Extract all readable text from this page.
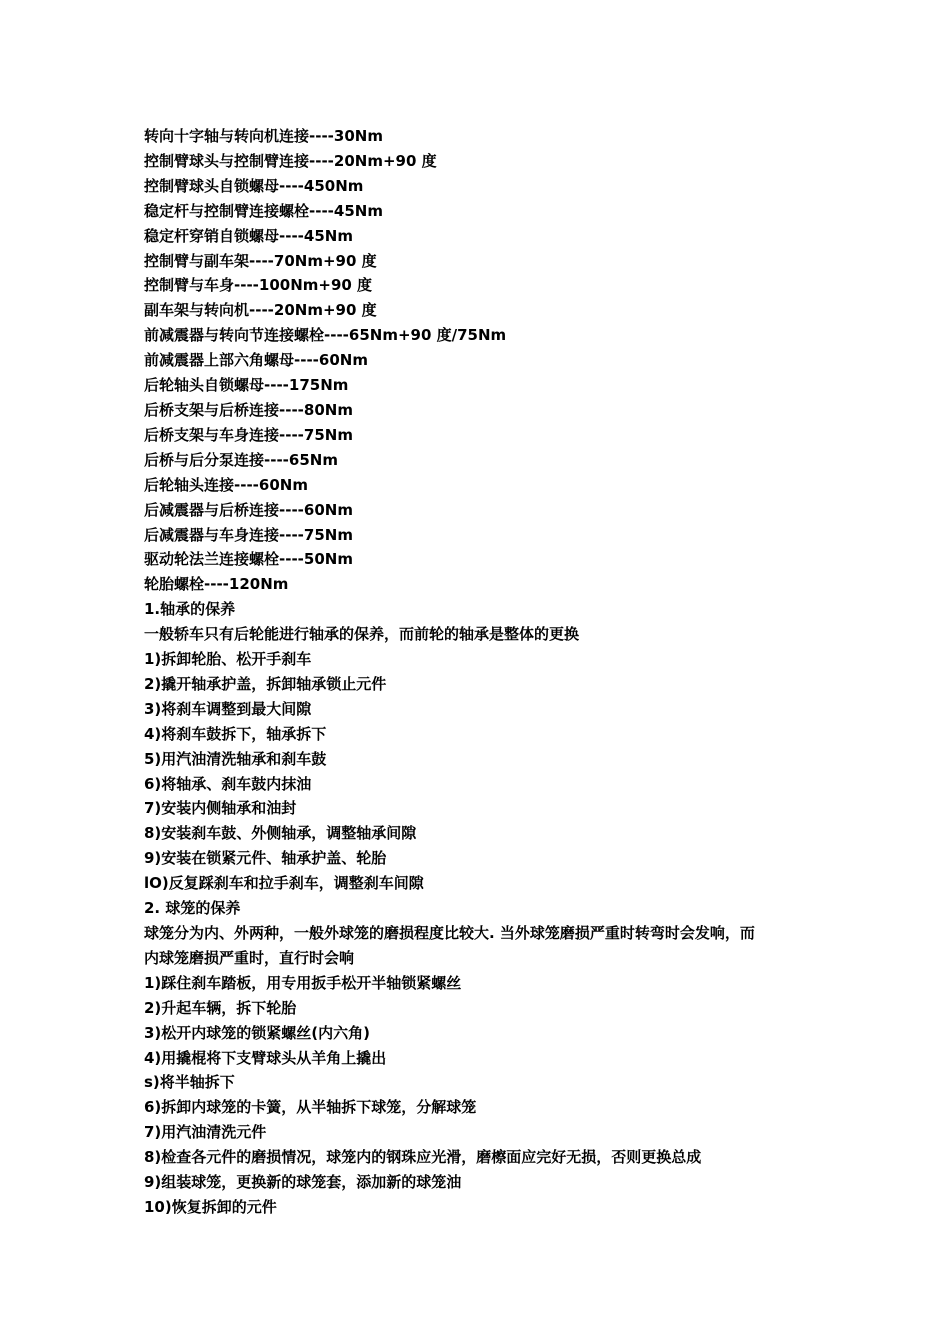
转向十字轴与转向机连接----30Nm

控制臂球头与控制臂连接----20Nm+90 度

控制臂球头自锁螺母----450Nm

稳定杆与控制臂连接螺栓----45Nm

稳定杆穿销自锁螺母----45Nm

控制臂与副车架----70Nm+90 度

控制臂与车身----100Nm+90 度

副车架与转向机----20Nm+90 度

前减震器与转向节连接螺栓----65Nm+90 度/75Nm

前减震器上部六角螺母----60Nm

后轮轴头自锁螺母----175Nm

后桥支架与后桥连接----80Nm

后桥支架与车身连接----75Nm

后桥与后分泵连接----65Nm

后轮轴头连接----60Nm

后减震器与后桥连接----60Nm

后减震器与车身连接----75Nm

驱动轮法兰连接螺栓----50Nm

轮胎螺栓----120Nm

1.轴承的保养

一般轿车只有后轮能进行轴承的保养，而前轮的轴承是整体的更换

1)拆卸轮胎、松开手刹车

2)撬开轴承护盖，拆卸轴承锁止元件

3)将刹车调整到最大间隙

4)将刹车鼓拆下，轴承拆下

5)用汽油清洗轴承和刹车鼓

6)将轴承、刹车鼓内抹油

7)安装内侧轴承和油封

8)安装刹车鼓、外侧轴承，调整轴承间隙

9)安装在锁紧元件、轴承护盖、轮胎

lO)反复踩刹车和拉手刹车，调整刹车间隙

2. 球笼的保养

球笼分为内、外两种，一般外球笼的磨损程度比较大. 当外球笼磨损严重时转弯时会发响，而

内球笼磨损严重时，直行时会响

1)踩住刹车踏板，用专用扳手松开半轴锁紧螺丝

2)升起车辆，拆下轮胎

3)松开内球笼的锁紧螺丝(内六角)

4)用撬棍将下支臂球头从羊角上撬出

s)将半轴拆下

6)拆卸内球笼的卡簧，从半轴拆下球笼，分解球笼

7)用汽油清洗元件

8)检查各元件的磨损情况，球笼内的钢珠应光滑，磨檫面应完好无损，否则更换总成

9)组装球笼，更换新的球笼套，添加新的球笼油

10)恢复拆卸的元件
